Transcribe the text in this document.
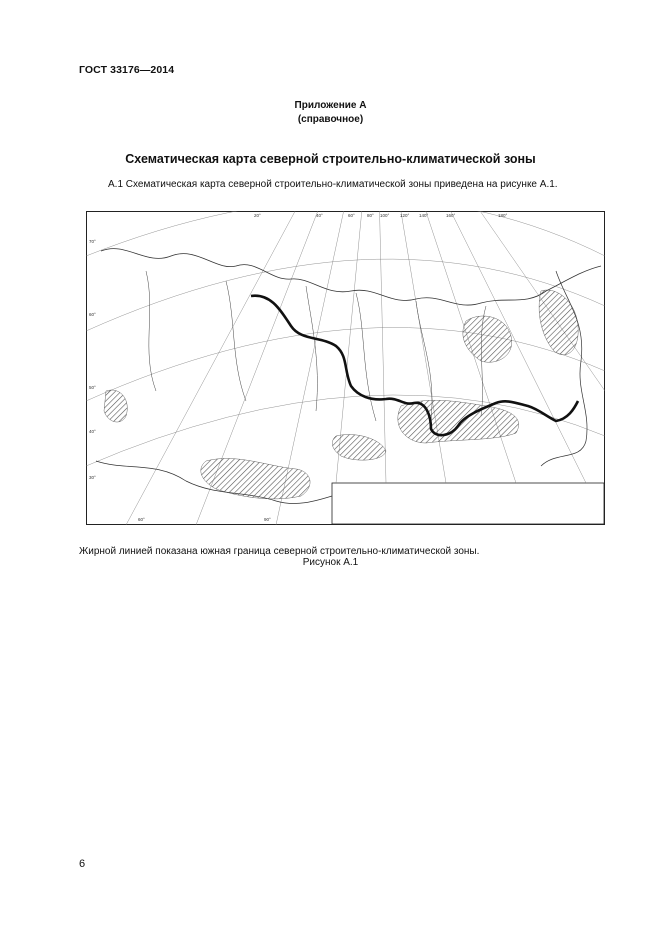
ГОСТ 33176—2014
Приложение А
(справочное)
Схематическая карта северной строительно-климатической зоны
А.1 Схематическая карта северной строительно-климатической зоны приведена на рисунке А.1.
70°
60°
50°
40°
30°
20°	40°	60°	80° 100° 120° 140°	160°	180°
60°	90°
Жирной линией показана южная граница северной строительно-климатической зоны.
Рисунок А.1
6
